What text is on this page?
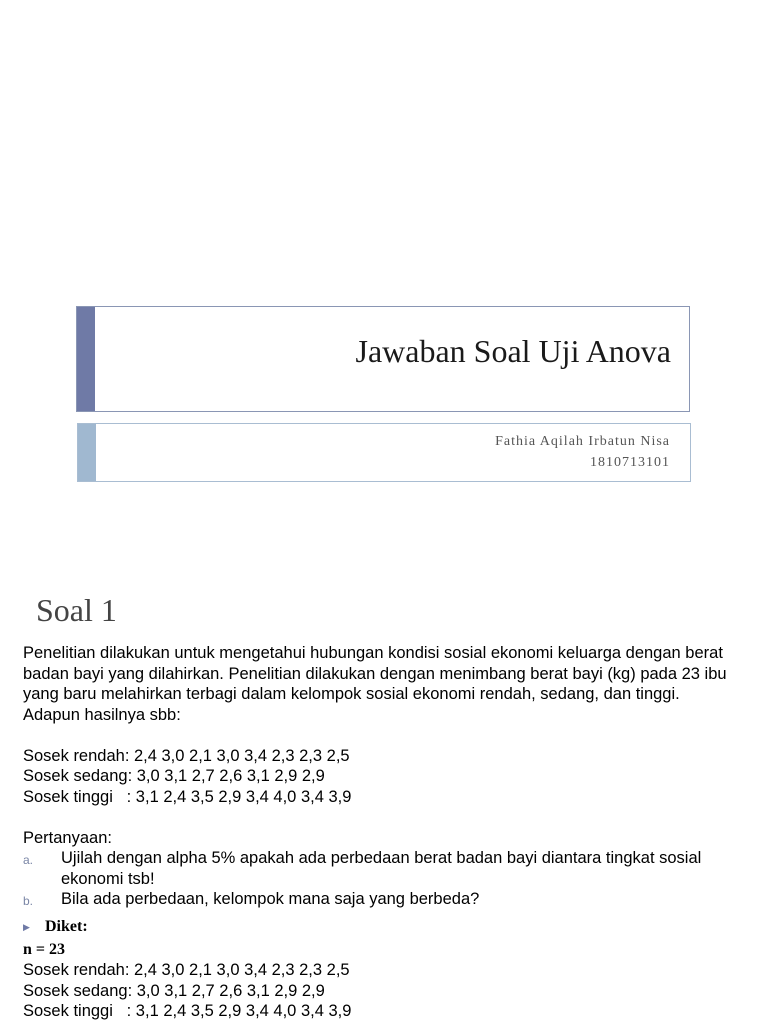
Jawaban Soal Uji Anova
Fathia Aqilah Irbatun Nisa
1810713101
Soal 1

Penelitian dilakukan untuk mengetahui hubungan kondisi sosial ekonomi keluarga dengan berat

badan bayi yang dilahirkan. Penelitian dilakukan dengan menimbang berat bayi (kg) pada 23 ibu

yang baru melahirkan terbagi dalam kelompok sosial ekonomi rendah, sedang, dan tinggi.

Adapun hasilnya sbb:

Sosek rendah: 2,4 3,0 2,1 3,0 3,4 2,3 2,3 2,5

Sosek sedang: 3,0 3,1 2,7 2,6 3,1 2,9 2,9

Sosek tinggi   : 3,1 2,4 3,5 2,9 3,4 4,0 3,4 3,9

Pertanyaan:

a.	Ujilah dengan alpha 5% apakah ada perbedaan berat badan bayi diantara tingkat sosial ekonomi tsb!
b.	Bila ada perbedaan, kelompok mana saja yang berbeda?
▶ Diket:

n = 23

Sosek rendah: 2,4 3,0 2,1 3,0 3,4 2,3 2,3 2,5

Sosek sedang: 3,0 3,1 2,7 2,6 3,1 2,9 2,9

Sosek tinggi   : 3,1 2,4 3,5 2,9 3,4 4,0 3,4 3,9
